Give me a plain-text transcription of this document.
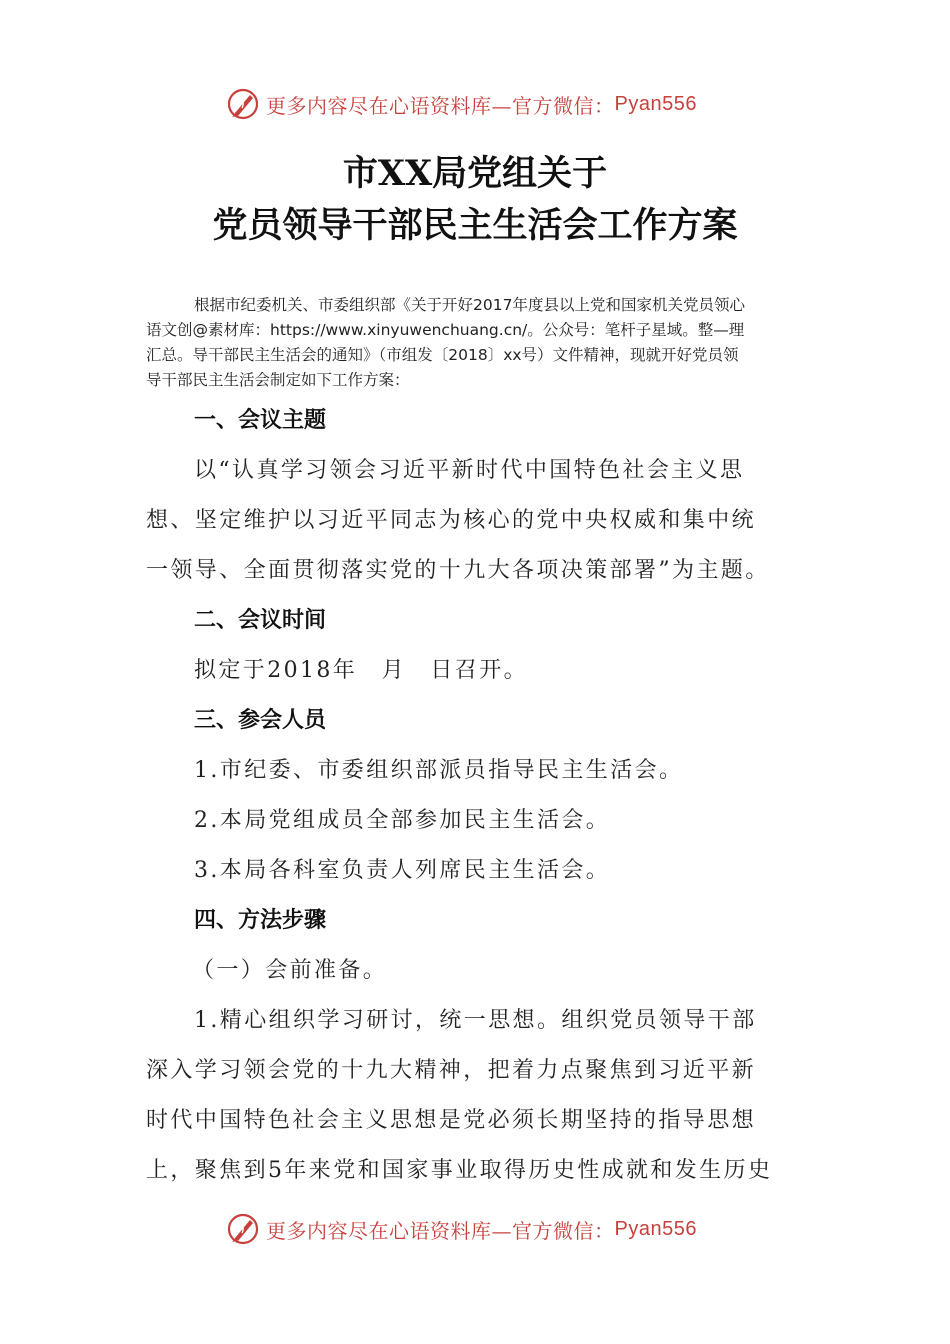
更多内容尽在心语资料库—官方微信： Pyan556
市XX局党组关于
党员领导干部民主生活会工作方案
根据市纪委机关、市委组织部《关于开好2017年度县以上党和国家机关党员领心
语文创@素材库：https://www.xinyuwenchuang.cn/。公众号：笔杆子星域。整—理
汇总。导干部民主生活会的通知》（市组发〔2018〕xx号）文件精神，现就开好党员领
导干部民主生活会制定如下工作方案：
一、会议主题
以“认真学习领会习近平新时代中国特色社会主义思
想、坚定维护以习近平同志为核心的党中央权威和集中统
一领导、全面贯彻落实党的十九大各项决策部署”为主题。
二、会议时间
拟定于2018年　月　日召开。
三、参会人员
1.市纪委、市委组织部派员指导民主生活会。
2.本局党组成员全部参加民主生活会。
3.本局各科室负责人列席民主生活会。
四、方法步骤
（一）会前准备。
1.精心组织学习研讨，统一思想。组织党员领导干部
深入学习领会党的十九大精神，把着力点聚焦到习近平新
时代中国特色社会主义思想是党必须长期坚持的指导思想
上，聚焦到5年来党和国家事业取得历史性成就和发生历史
更多内容尽在心语资料库—官方微信： Pyan556
